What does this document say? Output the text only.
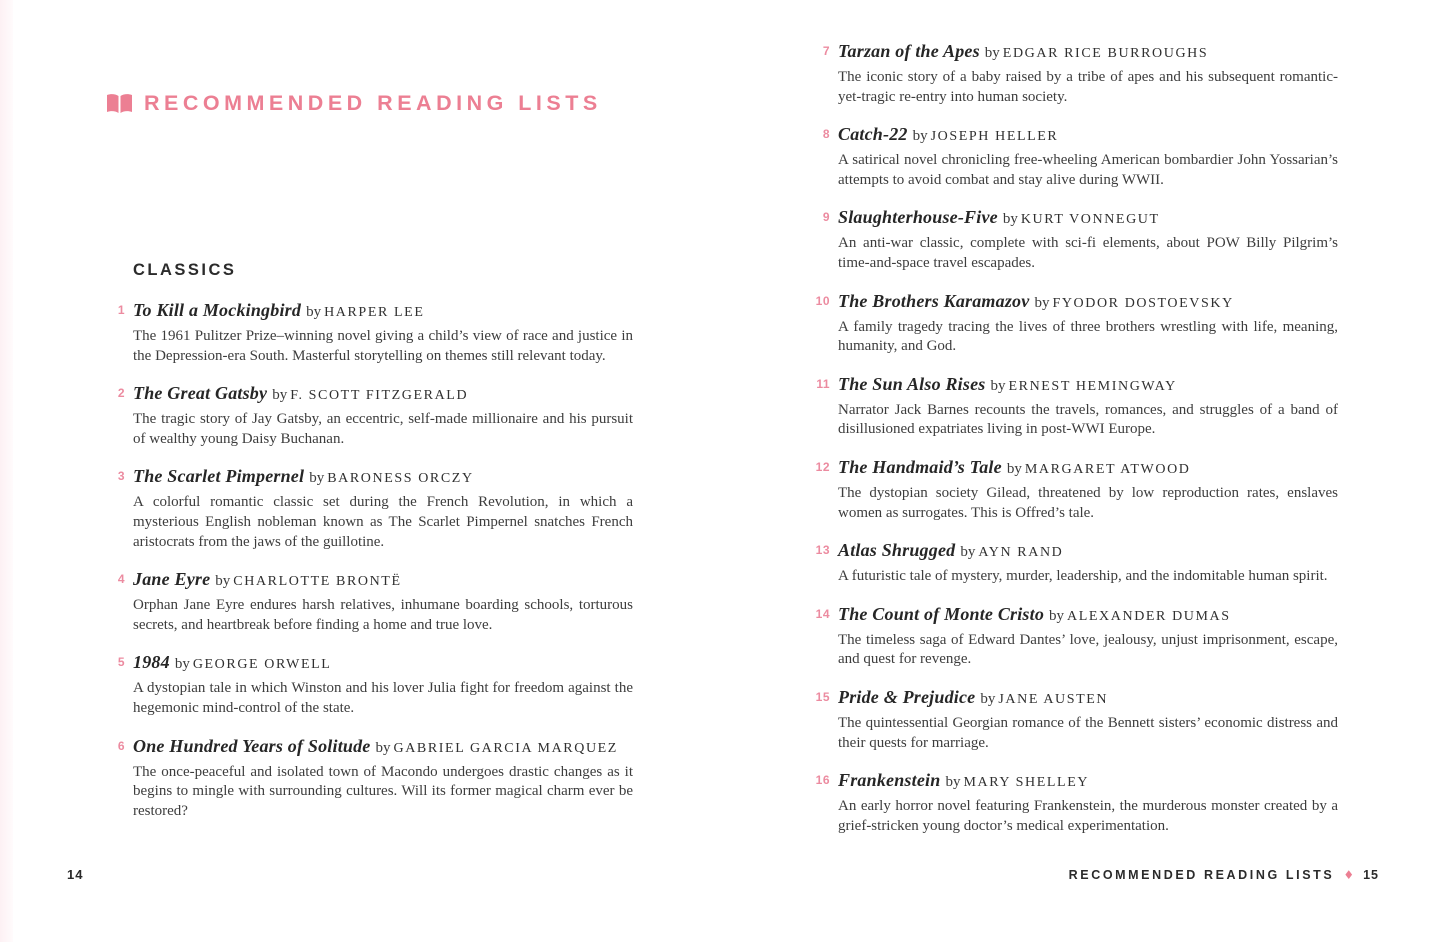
RECOMMENDED READING LISTS
CLASSICS
1 To Kill a Mockingbird by HARPER LEE

The 1961 Pulitzer Prize–winning novel giving a child’s view of race and justice in the Depression-era South. Masterful storytelling on themes still relevant today.

2 The Great Gatsby by F. SCOTT FITZGERALD

The tragic story of Jay Gatsby, an eccentric, self-made millionaire and his pursuit of wealthy young Daisy Buchanan.

3 The Scarlet Pimpernel by BARONESS ORCZY

A colorful romantic classic set during the French Revolution, in which a mysterious English nobleman known as The Scarlet Pimpernel snatches French aristocrats from the jaws of the guillotine.

4 Jane Eyre by CHARLOTTE BRONTË

Orphan Jane Eyre endures harsh relatives, inhumane boarding schools, torturous secrets, and heartbreak before finding a home and true love.

5 1984 by GEORGE ORWELL

A dystopian tale in which Winston and his lover Julia fight for freedom against the hegemonic mind-control of the state.

6 One Hundred Years of Solitude by GABRIEL GARCIA MARQUEZ

The once-peaceful and isolated town of Macondo undergoes drastic changes as it begins to mingle with surrounding cultures. Will its former magical charm ever be restored?

7 Tarzan of the Apes by EDGAR RICE BURROUGHS

The iconic story of a baby raised by a tribe of apes and his subsequent romantic-yet-tragic re-entry into human society.

8 Catch-22 by JOSEPH HELLER

A satirical novel chronicling free-wheeling American bombardier John Yossarian’s attempts to avoid combat and stay alive during WWII.

9 Slaughterhouse-Five by KURT VONNEGUT

An anti-war classic, complete with sci-fi elements, about POW Billy Pilgrim’s time-and-space travel escapades.

10 The Brothers Karamazov by FYODOR DOSTOEVSKY

A family tragedy tracing the lives of three brothers wrestling with life, meaning, humanity, and God.

11 The Sun Also Rises by ERNEST HEMINGWAY

Narrator Jack Barnes recounts the travels, romances, and struggles of a band of disillusioned expatriates living in post-WWI Europe.

12 The Handmaid’s Tale by MARGARET ATWOOD

The dystopian society Gilead, threatened by low reproduction rates, enslaves women as surrogates. This is Offred’s tale.

13 Atlas Shrugged by AYN RAND

A futuristic tale of mystery, murder, leadership, and the indomitable human spirit.

14 The Count of Monte Cristo by ALEXANDER DUMAS

The timeless saga of Edward Dantes’ love, jealousy, unjust imprisonment, escape, and quest for revenge.

15 Pride & Prejudice by JANE AUSTEN

The quintessential Georgian romance of the Bennett sisters’ economic distress and their quests for marriage.

16 Frankenstein by MARY SHELLEY

An early horror novel featuring Frankenstein, the murderous monster created by a grief-stricken young doctor’s medical experimentation.

14	RECOMMENDED READING LISTS ♦ 15
